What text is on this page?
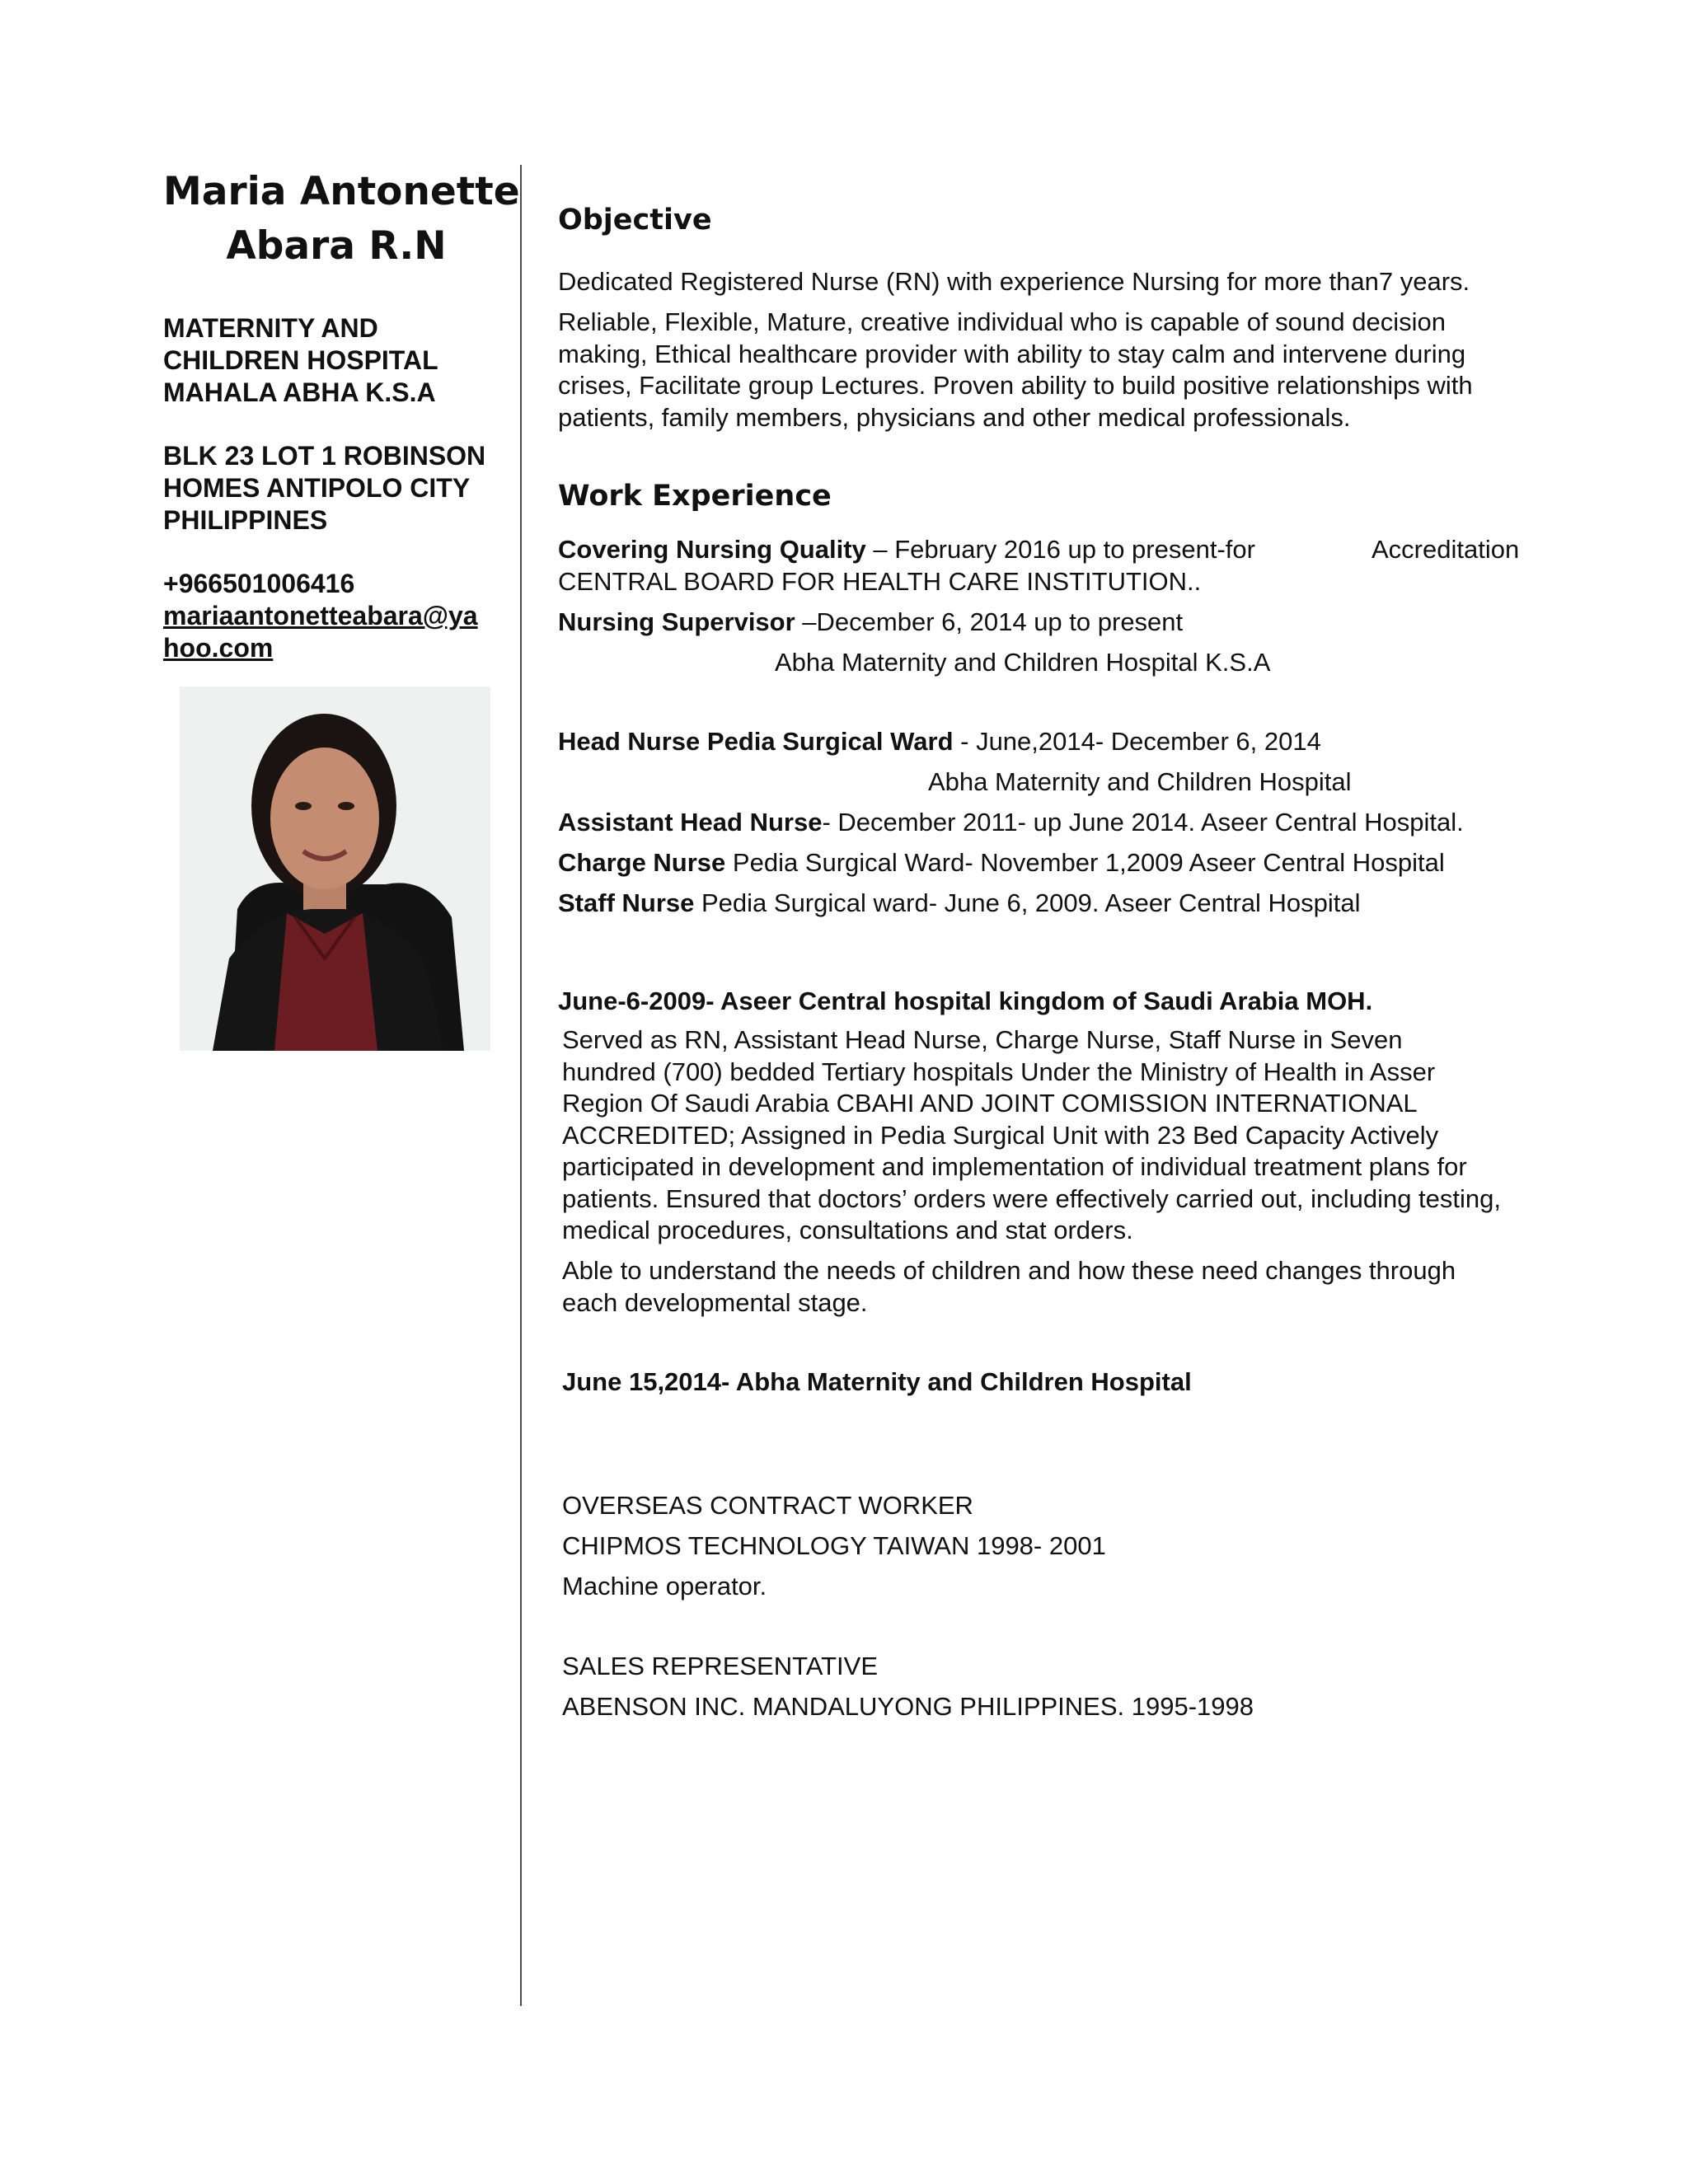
Maria Antonette
Abara R.N
MATERNITY AND
CHILDREN HOSPITAL
MAHALA ABHA K.S.A
BLK 23 LOT 1 ROBINSON
HOMES ANTIPOLO CITY
PHILIPPINES
+966501006416
mariaantonetteabara@ya
hoo.com
Objective

Dedicated Registered Nurse (RN) with experience Nursing for more than7 years.

Reliable, Flexible, Mature, creative individual who is capable of sound decision
making, Ethical healthcare provider with ability to stay calm and intervene during
crises, Facilitate group Lectures. Proven ability to build positive relationships with
patients, family members, physicians and other medical professionals.

Work Experience

Covering Nursing Quality – February 2016 up to present-for	Accreditation

CENTRAL BOARD FOR HEALTH CARE INSTITUTION..

Nursing Supervisor –December 6, 2014 up to present

Abha Maternity and Children Hospital K.S.A

Head Nurse Pedia Surgical Ward - June,2014- December 6, 2014

Abha Maternity and Children Hospital

Assistant Head Nurse- December 2011- up June 2014. Aseer Central Hospital.

Charge Nurse Pedia Surgical Ward- November 1,2009 Aseer Central Hospital

Staff Nurse Pedia Surgical ward- June 6, 2009. Aseer Central Hospital

June-6-2009- Aseer Central hospital kingdom of Saudi Arabia MOH.

Served as RN, Assistant Head Nurse, Charge Nurse, Staff Nurse in Seven
hundred (700) bedded Tertiary hospitals Under the Ministry of Health in Asser
Region Of Saudi Arabia CBAHI AND JOINT COMISSION INTERNATIONAL
ACCREDITED; Assigned in Pedia Surgical Unit with 23 Bed Capacity Actively
participated in development and implementation of individual treatment plans for
patients. Ensured that doctors’ orders were effectively carried out, including testing,
medical procedures, consultations and stat orders.

Able to understand the needs of children and how these need changes through
each developmental stage.

June 15,2014- Abha Maternity and Children Hospital

OVERSEAS CONTRACT WORKER
CHIPMOS TECHNOLOGY TAIWAN 1998- 2001
Machine operator.

SALES REPRESENTATIVE
ABENSON INC. MANDALUYONG PHILIPPINES. 1995-1998
